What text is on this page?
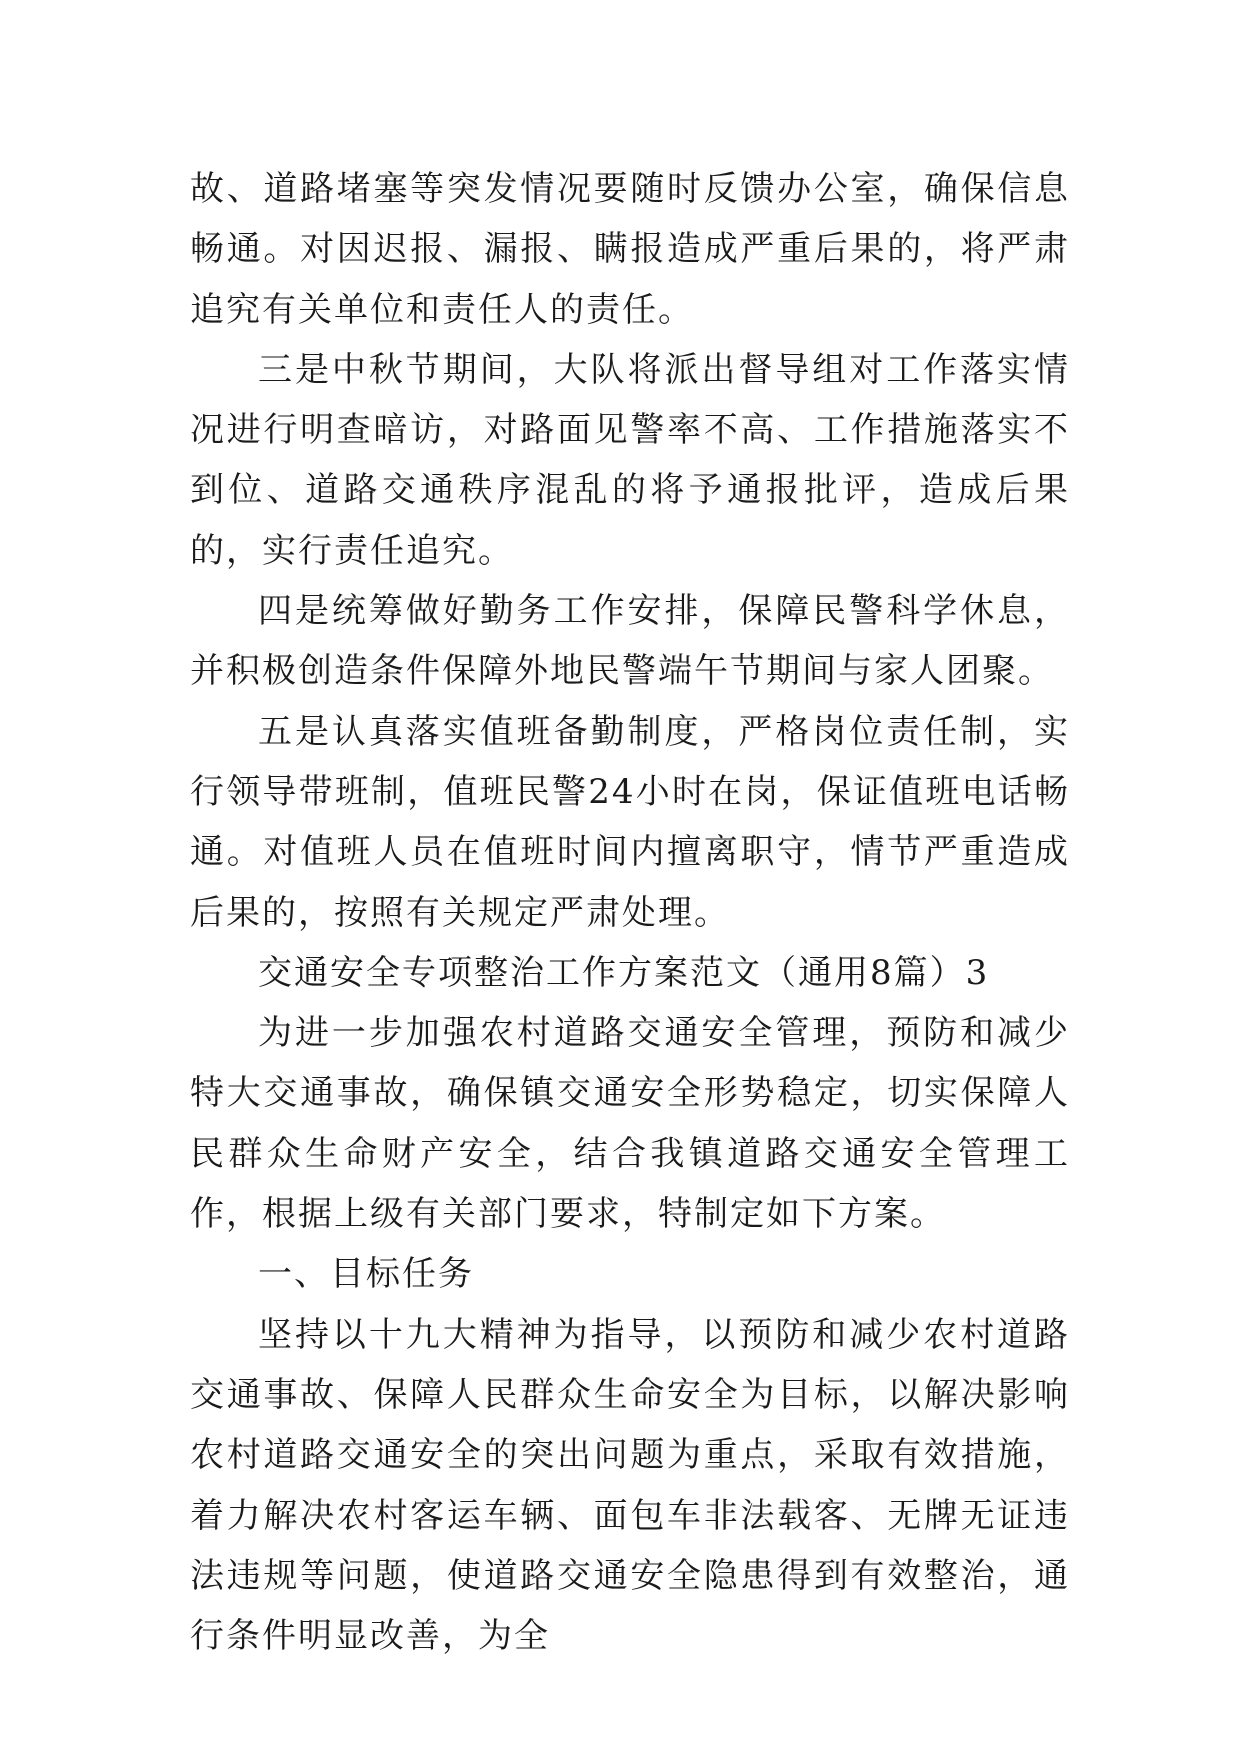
故、道路堵塞等突发情况要随时反馈办公室，确保信息畅通。对因迟报、漏报、瞒报造成严重后果的，将严肃追究有关单位和责任人的责任。

三是中秋节期间，大队将派出督导组对工作落实情况进行明查暗访，对路面见警率不高、工作措施落实不到位、道路交通秩序混乱的将予通报批评，造成后果的，实行责任追究。

四是统筹做好勤务工作安排，保障民警科学休息，并积极创造条件保障外地民警端午节期间与家人团聚。

五是认真落实值班备勤制度，严格岗位责任制，实行领导带班制，值班民警24小时在岗，保证值班电话畅通。对值班人员在值班时间内擅离职守，情节严重造成后果的，按照有关规定严肃处理。

交通安全专项整治工作方案范文（通用8篇）3

为进一步加强农村道路交通安全管理，预防和减少特大交通事故，确保镇交通安全形势稳定，切实保障人民群众生命财产安全，结合我镇道路交通安全管理工作，根据上级有关部门要求，特制定如下方案。

一、目标任务

坚持以十九大精神为指导，以预防和减少农村道路交通事故、保障人民群众生命安全为目标，以解决影响农村道路交通安全的突出问题为重点，采取有效措施，着力解决农村客运车辆、面包车非法载客、无牌无证违法违规等问题，使道路交通安全隐患得到有效整治，通行条件明显改善，为全
